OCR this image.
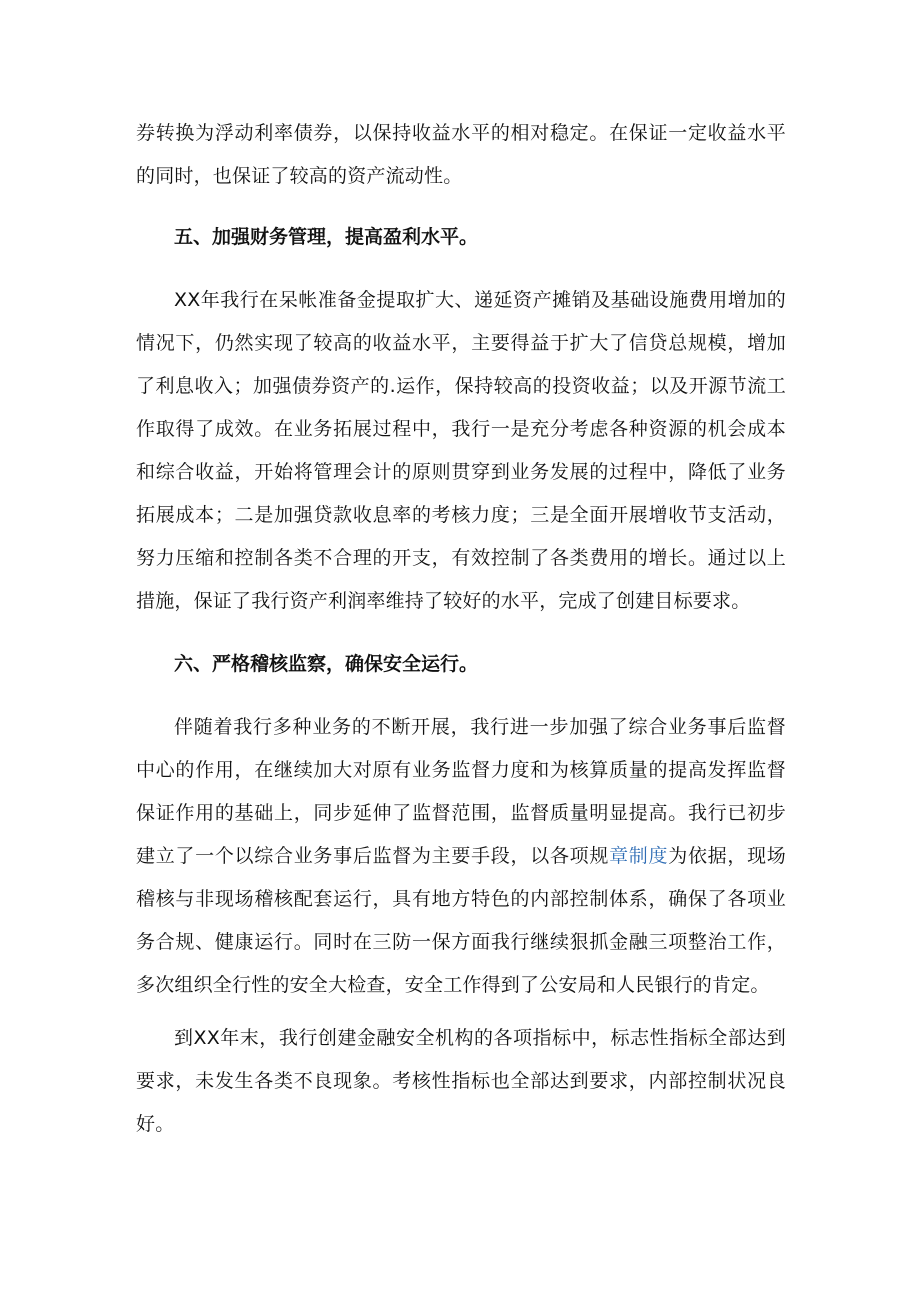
券转换为浮动利率债券，以保持收益水平的相对稳定。在保证一定收益水平的同时，也保证了较高的资产流动性。

五、加强财务管理，提高盈利水平。

XX年我行在呆帐准备金提取扩大、递延资产摊销及基础设施费用增加的情况下，仍然实现了较高的收益水平，主要得益于扩大了信贷总规模，增加了利息收入；加强债券资产的.运作，保持较高的投资收益；以及开源节流工作取得了成效。在业务拓展过程中，我行一是充分考虑各种资源的机会成本和综合收益，开始将管理会计的原则贯穿到业务发展的过程中，降低了业务拓展成本；二是加强贷款收息率的考核力度；三是全面开展增收节支活动，努力压缩和控制各类不合理的开支，有效控制了各类费用的增长。通过以上措施，保证了我行资产利润率维持了较好的水平，完成了创建目标要求。

六、严格稽核监察，确保安全运行。

伴随着我行多种业务的不断开展，我行进一步加强了综合业务事后监督中心的作用，在继续加大对原有业务监督力度和为核算质量的提高发挥监督保证作用的基础上，同步延伸了监督范围，监督质量明显提高。我行已初步建立了一个以综合业务事后监督为主要手段，以各项规章制度为依据，现场稽核与非现场稽核配套运行，具有地方特色的内部控制体系，确保了各项业务合规、健康运行。同时在三防一保方面我行继续狠抓金融三项整治工作，多次组织全行性的安全大检查，安全工作得到了公安局和人民银行的肯定。

到XX年末，我行创建金融安全机构的各项指标中，标志性指标全部达到要求，未发生各类不良现象。考核性指标也全部达到要求，内部控制状况良好。
